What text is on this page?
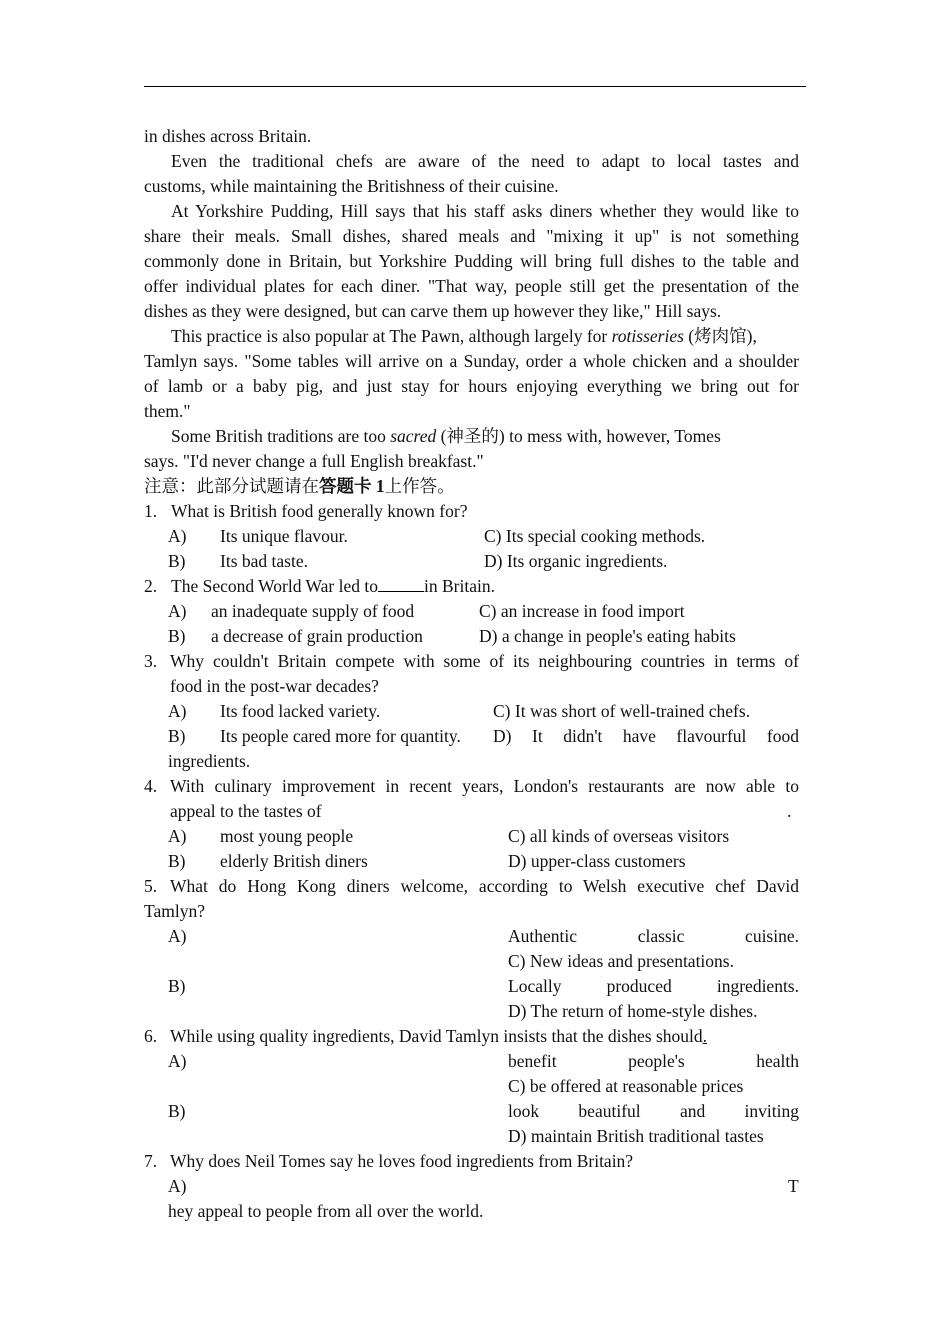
in dishes across Britain.
Even the traditional chefs are aware of the need to adapt to local tastes and
customs, while maintaining the Britishness of their cuisine.
At Yorkshire Pudding, Hill says that his staff asks diners whether they would like to
share their meals. Small dishes, shared meals and "mixing it up" is not something
commonly done in Britain, but Yorkshire Pudding will bring full dishes to the table and
offer individual plates for each diner. "That way, people still get the presentation of the
dishes as they were designed, but can carve them up however they like," Hill says.
This practice is also popular at The Pawn, although largely for rotisseries (烤肉馆),
Tamlyn says. "Some tables will arrive on a Sunday, order a whole chicken and a shoulder
of lamb or a baby pig, and just stay for hours enjoying everything we bring out for
them."
Some British traditions are too sacred (神圣的) to mess with, however, Tomes
says. "I'd never change a full English breakfast."
注意：此部分试题请在答题卡 1上作答。
1. What is British food generally known for?
A) Its unique flavour.	C) Its special cooking methods.
B) Its bad taste.	D) Its organic ingredients.
2. The Second World War led to	in Britain.
A) an inadequate supply of food	C) an increase in food import
B) a decrease of grain production	D) a change in people's eating habits
3. Why couldn't Britain compete with some of its neighbouring countries in terms of
food in the post-war decades?
A) Its food lacked variety.	C) It was short of well-trained chefs.
B) Its people cared more for quantity. D) It didn't have flavourful food
ingredients.
4. With culinary improvement in recent years, London's restaurants are now able to
appeal to the tastes of	.
A) most young people	C) all kinds of overseas visitors
B) elderly British diners	D) upper-class customers
5. What do Hong Kong diners welcome, according to Welsh executive chef David
Tamlyn?
A)	Authentic classic cuisine.
C) New ideas and presentations.
B)	Locally produced ingredients.
D) The return of home-style dishes.
6. While using quality ingredients, David Tamlyn insists that the dishes should.
A)	benefit people's health
C) be offered at reasonable prices
B)	look beautiful and inviting
D) maintain British traditional tastes
7. Why does Neil Tomes say he loves food ingredients from Britain?
A)	T
hey appeal to people from all over the world.
